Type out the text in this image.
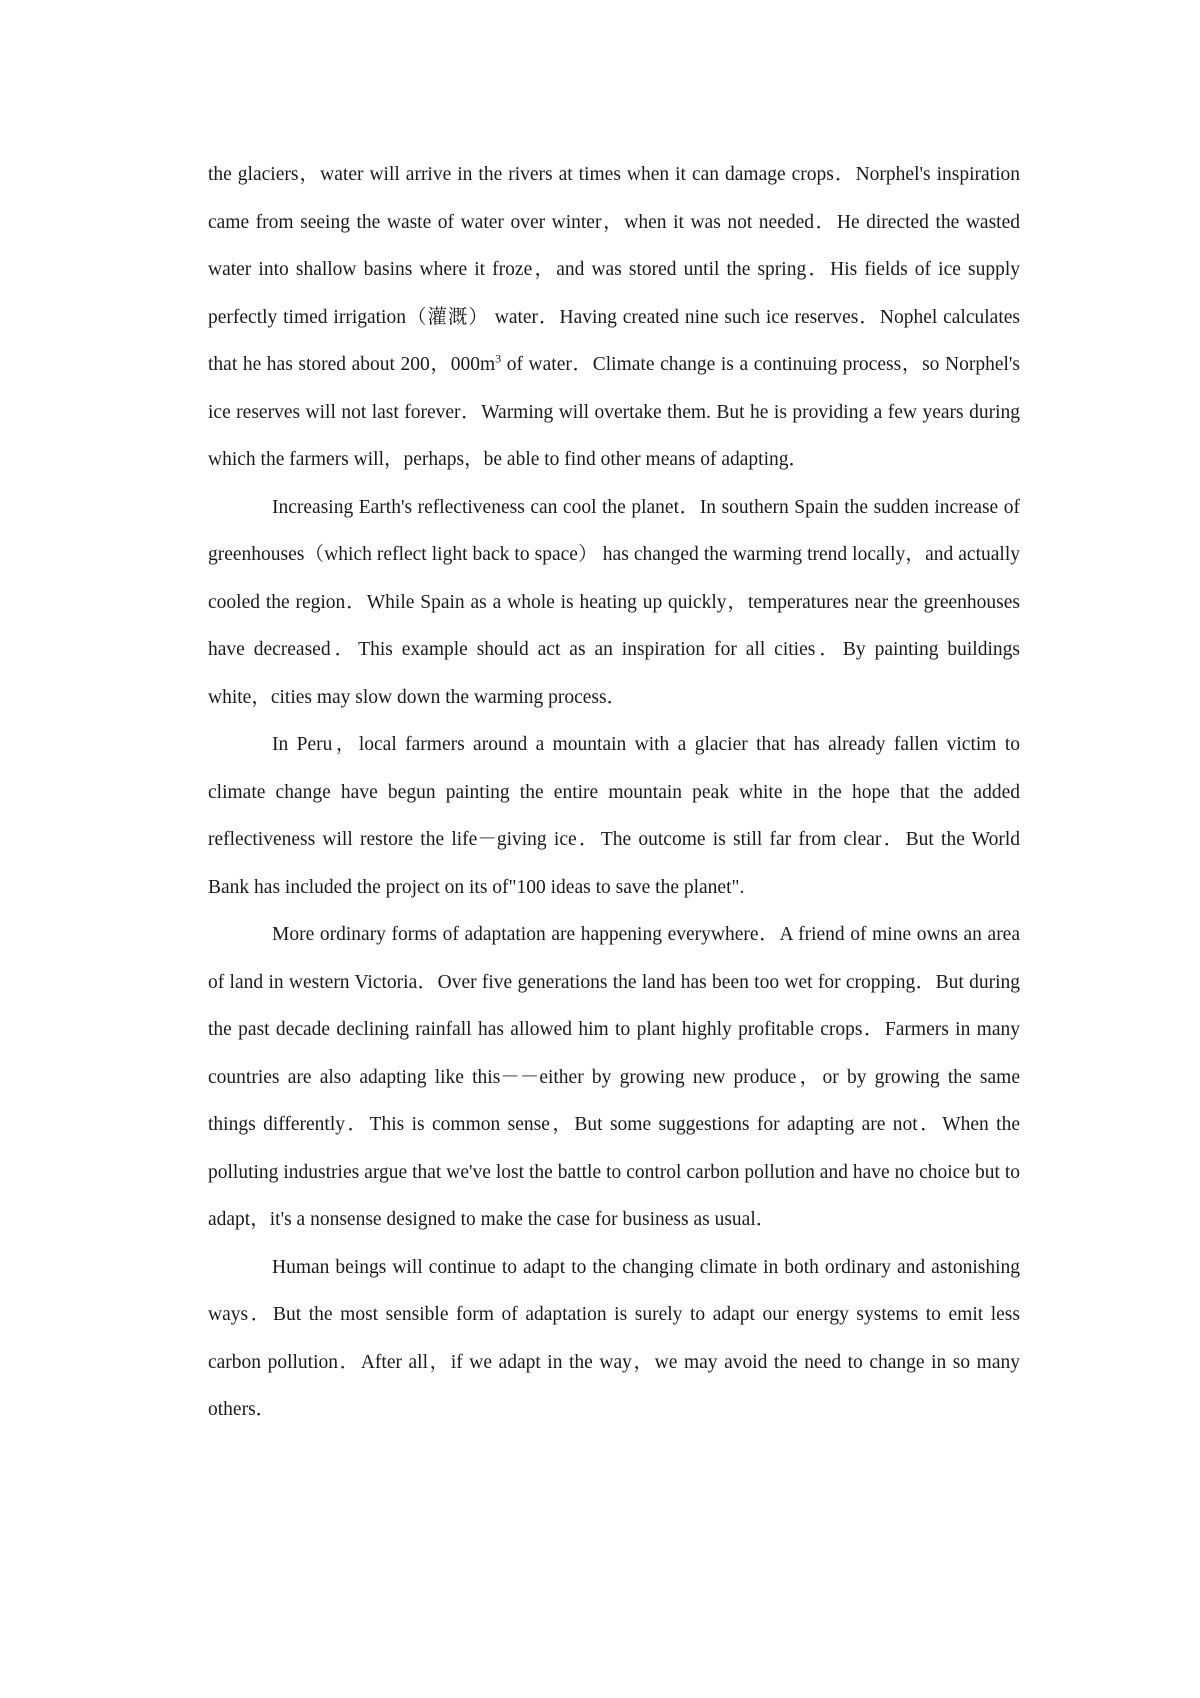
the glaciers，water will arrive in the rivers at times when it can damage crops．Norphel's inspiration came from seeing the waste of water over winter，when it was not needed．He directed the wasted water into shallow basins where it froze，and was stored until the spring．His fields of ice supply perfectly timed irrigation（灌溉） water．Having created nine such ice reserves．Nophel calculates that he has stored about 200，$000m^3$ of water．Climate change is a continuing process，so Norphel's ice reserves will not last forever．Warming will overtake them. But he is providing a few years during which the farmers will，perhaps，be able to find other means of adapting．

Increasing Earth's reflectiveness can cool the planet．In southern Spain the sudden increase of greenhouses（which reflect light back to space） has changed the warming trend locally，and actually cooled the region．While Spain as a whole is heating up quickly，temperatures near the greenhouses have decreased．This example should act as an inspiration for all cities．By painting buildings white，cities may slow down the warming process．

In Peru，local farmers around a mountain with a glacier that has already fallen victim to climate change have begun painting the entire mountain peak white in the hope that the added reflectiveness will restore the life－giving ice．The outcome is still far from clear．But the World Bank has included the project on its of"100 ideas to save the planet".

More ordinary forms of adaptation are happening everywhere．A friend of mine owns an area of land in western Victoria．Over five generations the land has been too wet for cropping．But during the past decade declining rainfall has allowed him to plant highly profitable crops．Farmers in many countries are also adapting like this－－either by growing new produce，or by growing the same things differently．This is common sense，But some suggestions for adapting are not．When the polluting industries argue that we've lost the battle to control carbon pollution and have no choice but to adapt，it's a nonsense designed to make the case for business as usual．

Human beings will continue to adapt to the changing climate in both ordinary and astonishing ways．But the most sensible form of adaptation is surely to adapt our energy systems to emit less carbon pollution．After all，if we adapt in the way，we may avoid the need to change in so many others．
